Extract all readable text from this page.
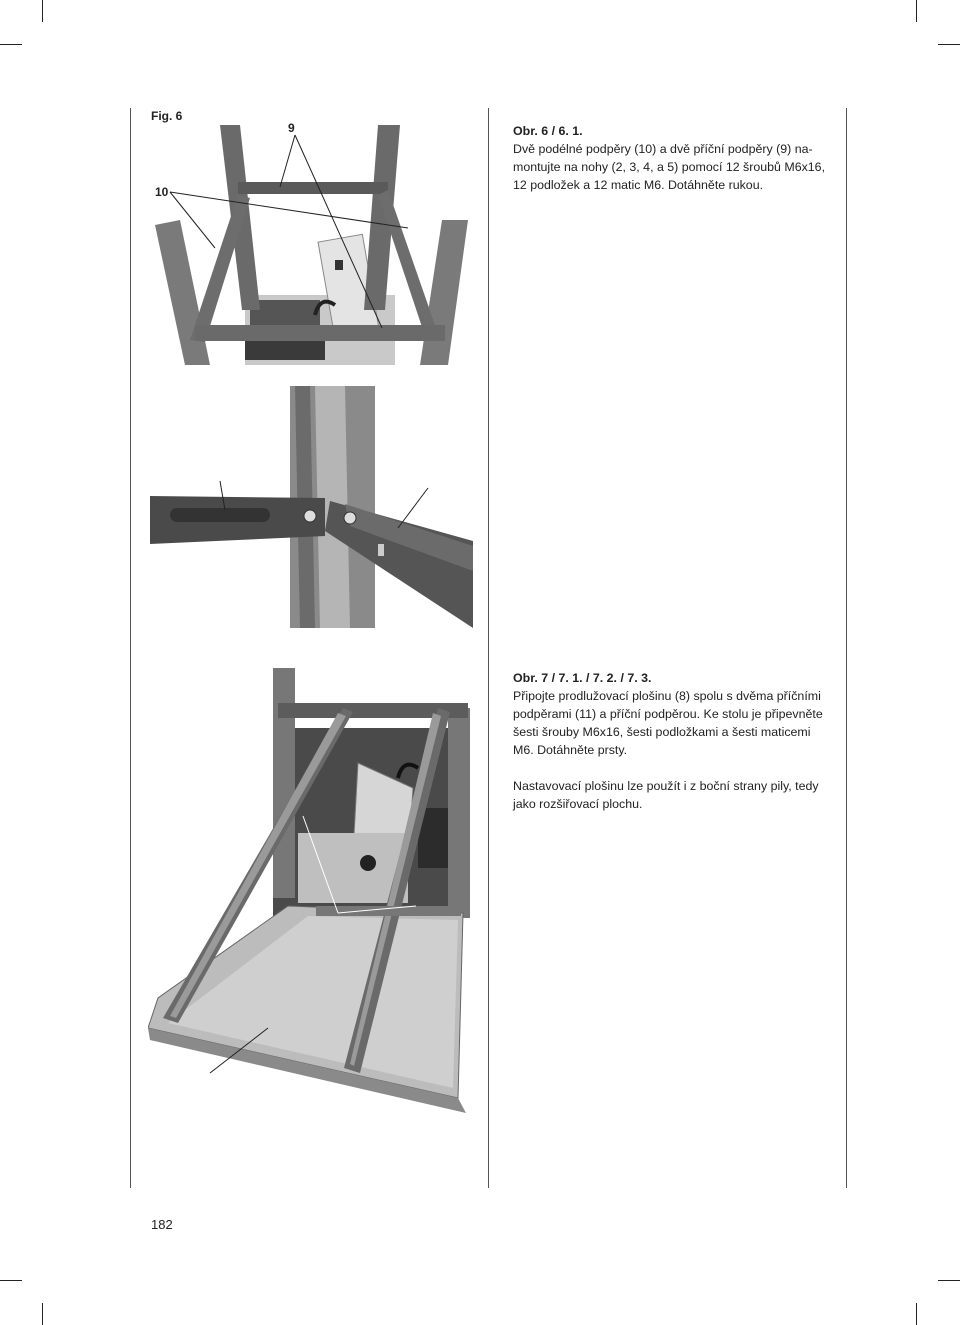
Fig. 6
9
10
Obr. 6 / 6. 1.
Dvě podélné podpěry (10) a dvě příční podpěry (9) na-
montujte na nohy (2, 3, 4, a 5) pomocí 12 šroubů M6x16,
12 podložek a 12 matic M6. Dotáhněte rukou.
Obr. 7 / 7. 1. / 7. 2. / 7. 3.
Připojte prodlužovací plošinu (8) spolu s dvěma příčními
podpěrami (11) a příční podpěrou. Ke stolu je připevněte
šesti šrouby M6x16, šesti podložkami a šesti maticemi
M6. Dotáhněte prsty.
Nastavovací plošinu lze použít i z boční strany pily, tedy
jako rozšiřovací plochu.
182
